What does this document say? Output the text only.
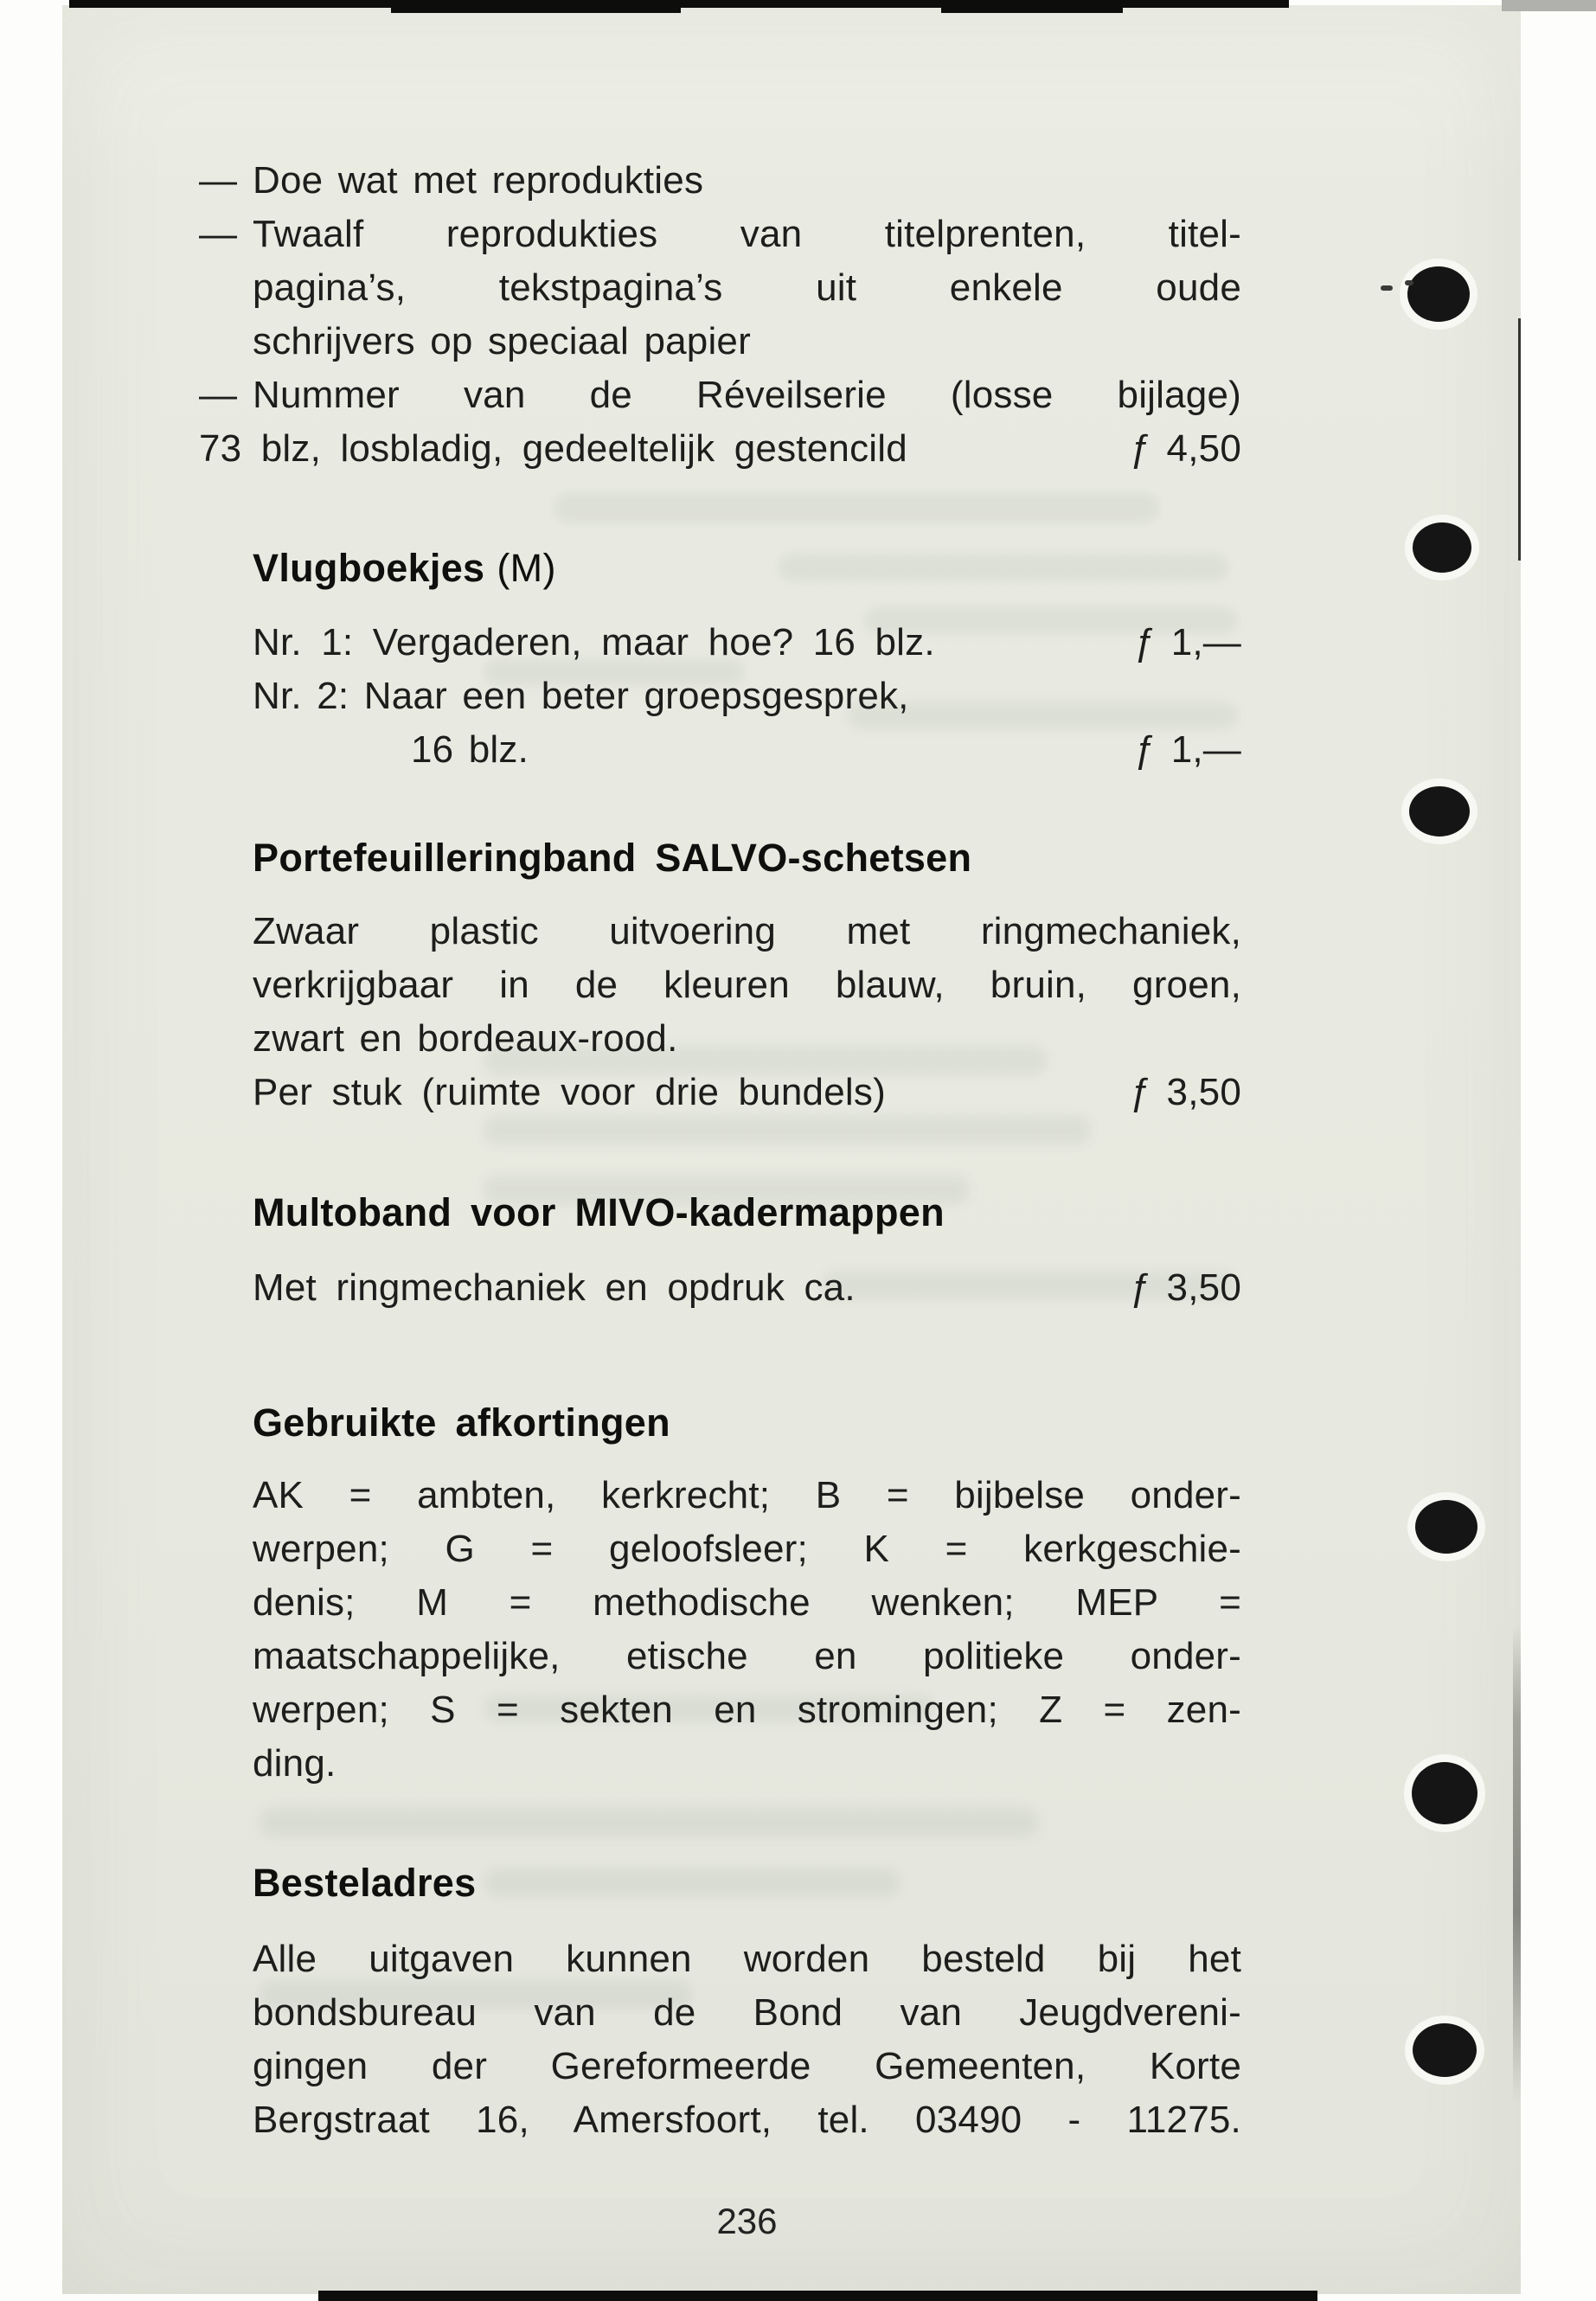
— Doe wat met reprodukties
— Twaalf reprodukties van titelprenten, titel-
pagina’s, tekstpagina’s uit enkele oude
schrijvers op speciaal papier
— Nummer van de Réveilserie (losse bijlage)
73 blz, losbladig, gedeeltelijk gestencild	ƒ 4,50
Vlugboekjes (M)
Nr. 1: Vergaderen, maar hoe? 16 blz.	ƒ 1,—
Nr. 2: Naar een beter groepsgesprek,
16 blz.	ƒ 1,—
Portefeuilleringband SALVO-schetsen
Zwaar plastic uitvoering met ringmechaniek,
verkrijgbaar in de kleuren blauw, bruin, groen,
zwart en bordeaux-rood.
Per stuk (ruimte voor drie bundels)	ƒ 3,50
Multoband voor MIVO-kadermappen
Met ringmechaniek en opdruk ca.	ƒ 3,50
Gebruikte afkortingen
AK = ambten, kerkrecht; B = bijbelse onder-
werpen; G = geloofsleer; K = kerkgeschie-
denis; M = methodische wenken; MEP =
maatschappelijke, etische en politieke onder-
werpen; S = sekten en stromingen; Z = zen-
ding.
Besteladres
Alle uitgaven kunnen worden besteld bij het
bondsbureau van de Bond van Jeugdvereni-
gingen der Gereformeerde Gemeenten, Korte
Bergstraat 16, Amersfoort, tel. 03490 - 11275.
236
